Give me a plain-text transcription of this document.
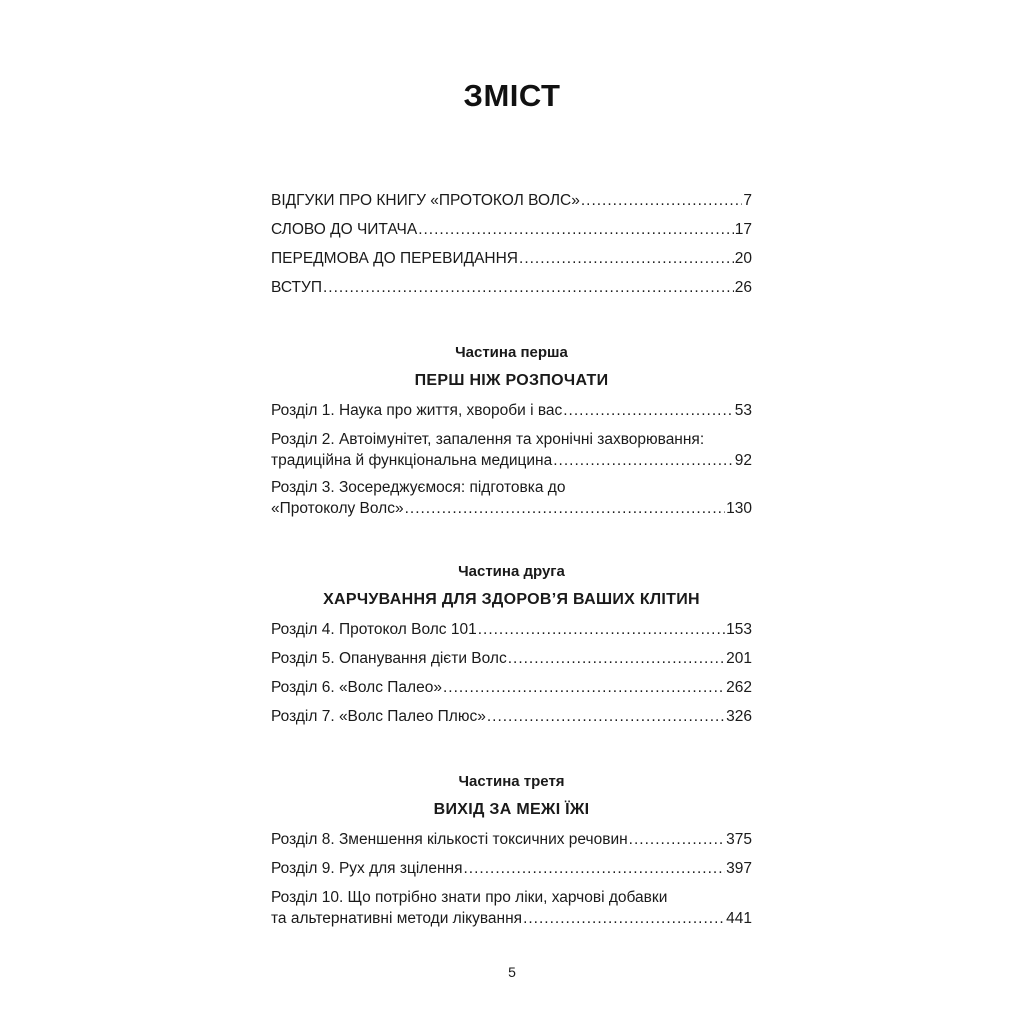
ЗМІСТ
ВІДГУКИ ПРО КНИГУ «ПРОТОКОЛ ВОЛС» .....	7
СЛОВО ДО ЧИТАЧА .....	17
ПЕРЕДМОВА ДО ПЕРЕВИДАННЯ .....	20
ВСТУП .....	26
Частина перша
ПЕРШ НІЖ РОЗПОЧАТИ
Розділ 1. Наука про життя, хвороби і вас .....	53
Розділ 2. Автоімунітет, запалення та хронічні захворювання:
традиційна й функціональна медицина .....	92
Розділ 3. Зосереджуємося: підготовка до
«Протоколу Волс» .....	130
Частина друга
ХАРЧУВАННЯ ДЛЯ ЗДОРОВ’Я ВАШИХ КЛІТИН
Розділ 4. Протокол Волс 101 .....	153
Розділ 5. Опанування дієти Волс .....	201
Розділ 6. «Волс Палео» .....	262
Розділ 7. «Волс Палео Плюс» .....	326
Частина третя
ВИХІД ЗА МЕЖІ ЇЖІ
Розділ 8. Зменшення кількості токсичних речовин .....	375
Розділ 9. Рух для зцілення .....	397
Розділ 10. Що потрібно знати про ліки, харчові добавки
та альтернативні методи лікування .....	441
5
